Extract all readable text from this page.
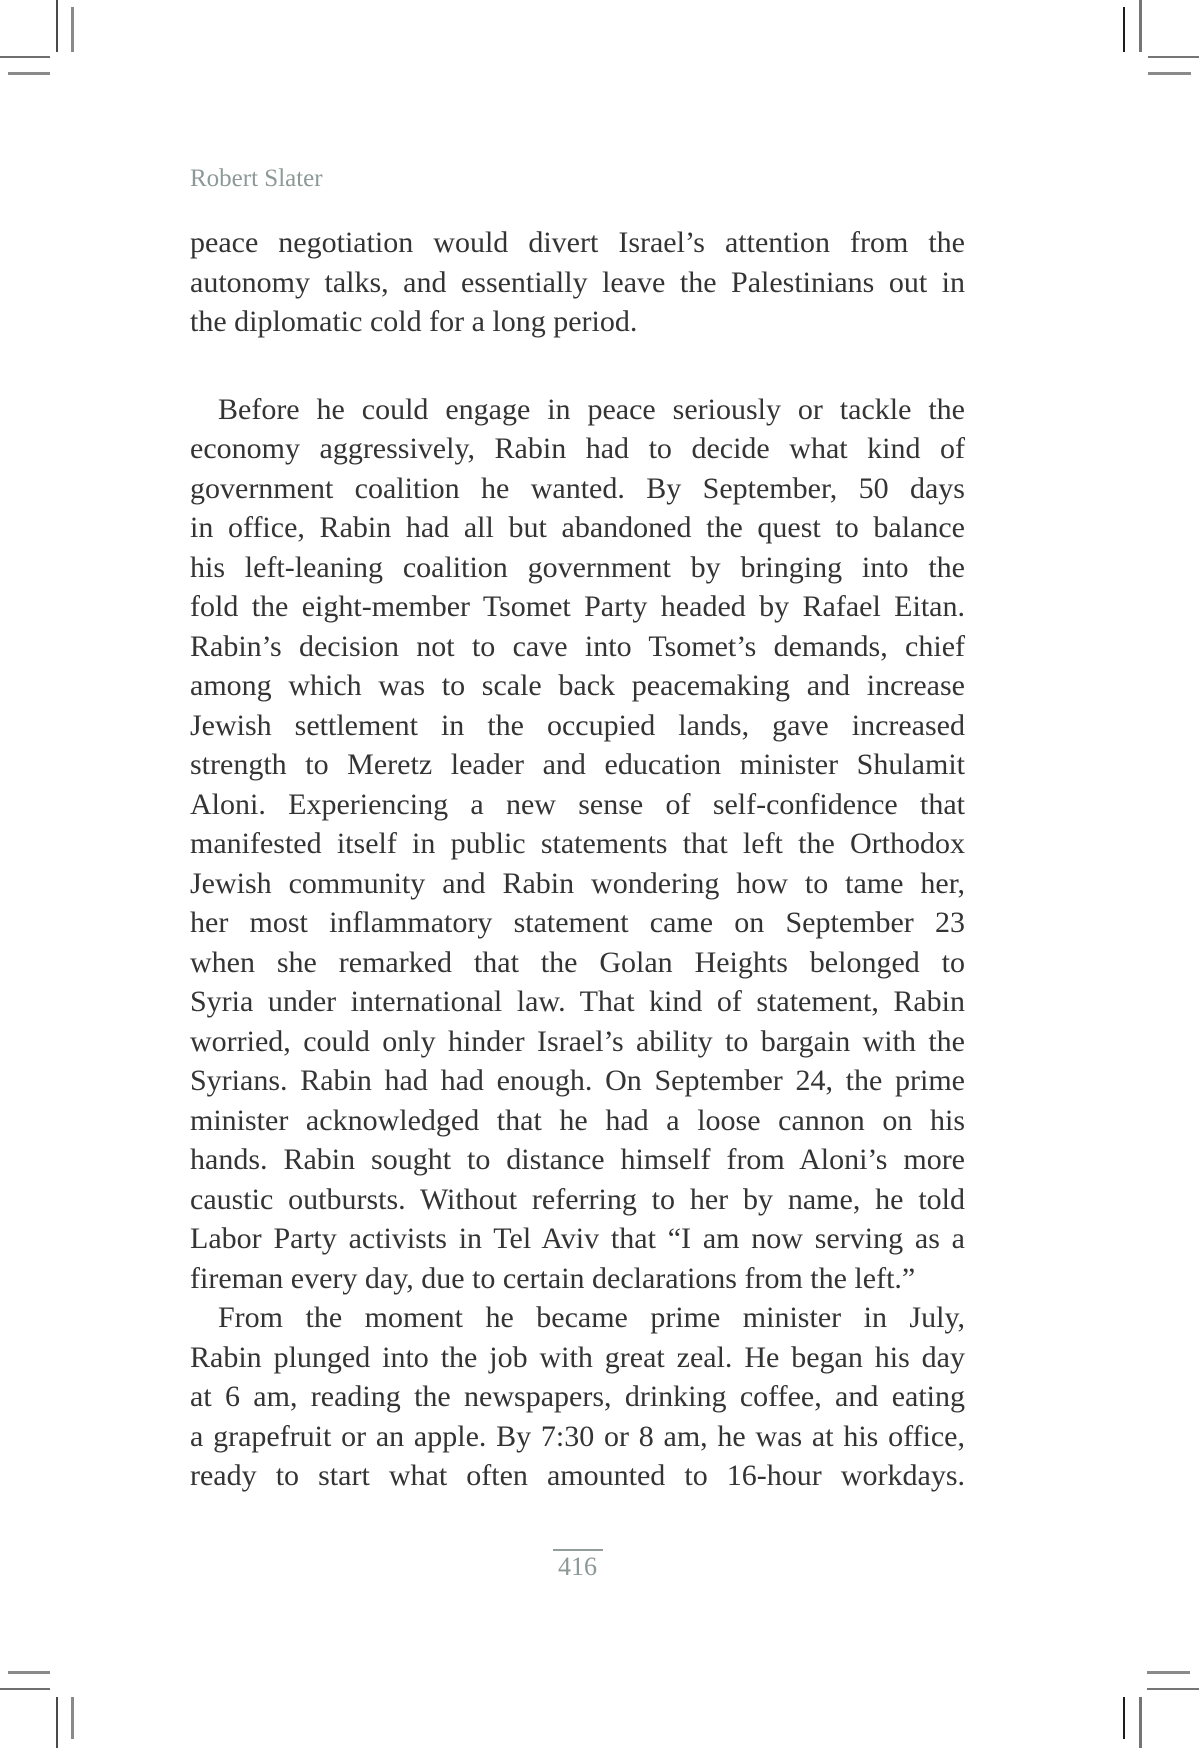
Robert Slater
peace negotiation would divert Israel’s attention from the
autonomy talks, and essentially leave the Palestinians out in
the diplomatic cold for a long period.
Before he could engage in peace seriously or tackle the
economy aggressively, Rabin had to decide what kind of
government coalition he wanted. By September, 50 days
in office, Rabin had all but abandoned the quest to balance
his left-leaning coalition government by bringing into the
fold the eight-member Tsomet Party headed by Rafael Eitan.
Rabin’s decision not to cave into Tsomet’s demands, chief
among which was to scale back peacemaking and increase
Jewish settlement in the occupied lands, gave increased
strength to Meretz leader and education minister Shulamit
Aloni. Experiencing a new sense of self-confidence that
manifested itself in public statements that left the Orthodox
Jewish community and Rabin wondering how to tame her,
her most inflammatory statement came on September 23
when she remarked that the Golan Heights belonged to
Syria under international law. That kind of statement, Rabin
worried, could only hinder Israel’s ability to bargain with the
Syrians. Rabin had had enough. On September 24, the prime
minister acknowledged that he had a loose cannon on his
hands. Rabin sought to distance himself from Aloni’s more
caustic outbursts. Without referring to her by name, he told
Labor Party activists in Tel Aviv that “I am now serving as a
fireman every day, due to certain declarations from the left.”
From the moment he became prime minister in July,
Rabin plunged into the job with great zeal. He began his day
at 6 am, reading the newspapers, drinking coffee, and eating
a grapefruit or an apple. By 7:30 or 8 am, he was at his office,
ready to start what often amounted to 16-hour workdays.
416
